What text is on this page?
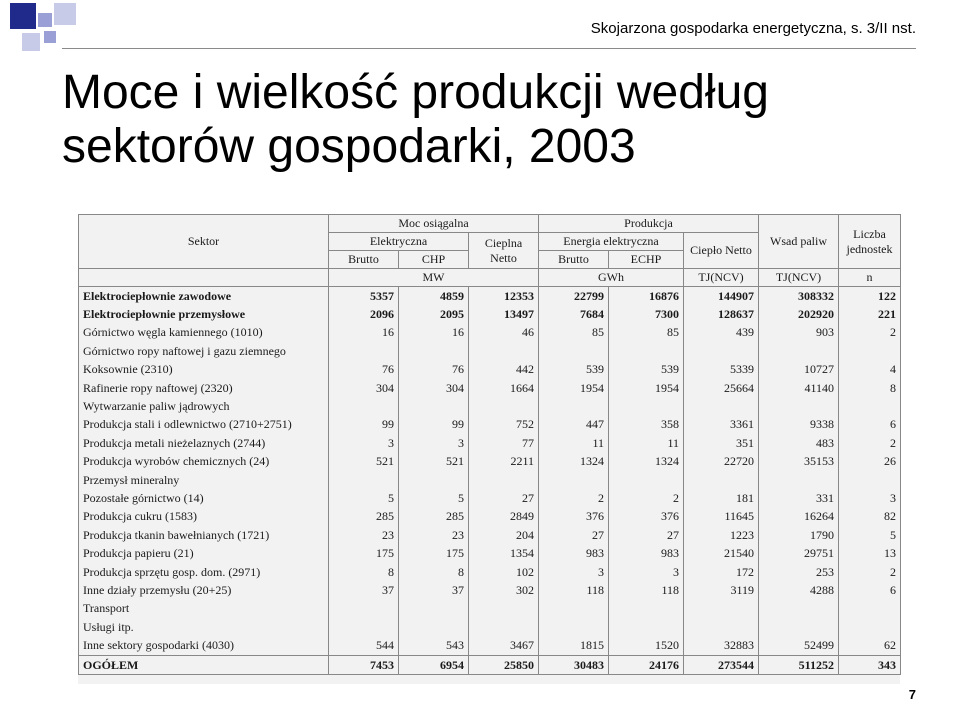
Skojarzona gospodarka energetyczna, s. 3/II nst.
Moce i wielkość produkcji według
sektorów gospodarki, 2003
Sektor	Moc osiągalna			Produkcja			Wsad paliw	Liczba jednostek
	Elektryczna		Cieplna Netto	Energia elektryczna		Ciepło Netto		
	Brutto	CHP		Brutto	ECHP			
	MW			GWh		TJ(NCV)	TJ(NCV)	n
Elektrociepłownie zawodowe	5357	4859	12353	22799	16876	144907	308332	122
Elektrociepłownie przemysłowe	2096	2095	13497	7684	7300	128637	202920	221
Górnictwo węgla kamiennego (1010)	16	16	46	85	85	439	903	2
Górnictwo ropy naftowej i gazu ziemnego								
Koksownie (2310)	76	76	442	539	539	5339	10727	4
Rafinerie ropy naftowej (2320)	304	304	1664	1954	1954	25664	41140	8
Wytwarzanie paliw jądrowych								
Produkcja stali i odlewnictwo (2710+2751)	99	99	752	447	358	3361	9338	6
Produkcja metali nieżelaznych (2744)	3	3	77	11	11	351	483	2
Produkcja wyrobów chemicznych (24)	521	521	2211	1324	1324	22720	35153	26
Przemysł mineralny								
Pozostałe górnictwo (14)	5	5	27	2	2	181	331	3
Produkcja cukru (1583)	285	285	2849	376	376	11645	16264	82
Produkcja tkanin bawełnianych (1721)	23	23	204	27	27	1223	1790	5
Produkcja papieru (21)	175	175	1354	983	983	21540	29751	13
Produkcja sprzętu gosp. dom. (2971)	8	8	102	3	3	172	253	2
Inne działy przemysłu (20+25)	37	37	302	118	118	3119	4288	6
Transport								
Usługi itp.								
Inne sektory gospodarki (4030)	544	543	3467	1815	1520	32883	52499	62
OGÓŁEM	7453	6954	25850	30483	24176	273544	511252	343
7
